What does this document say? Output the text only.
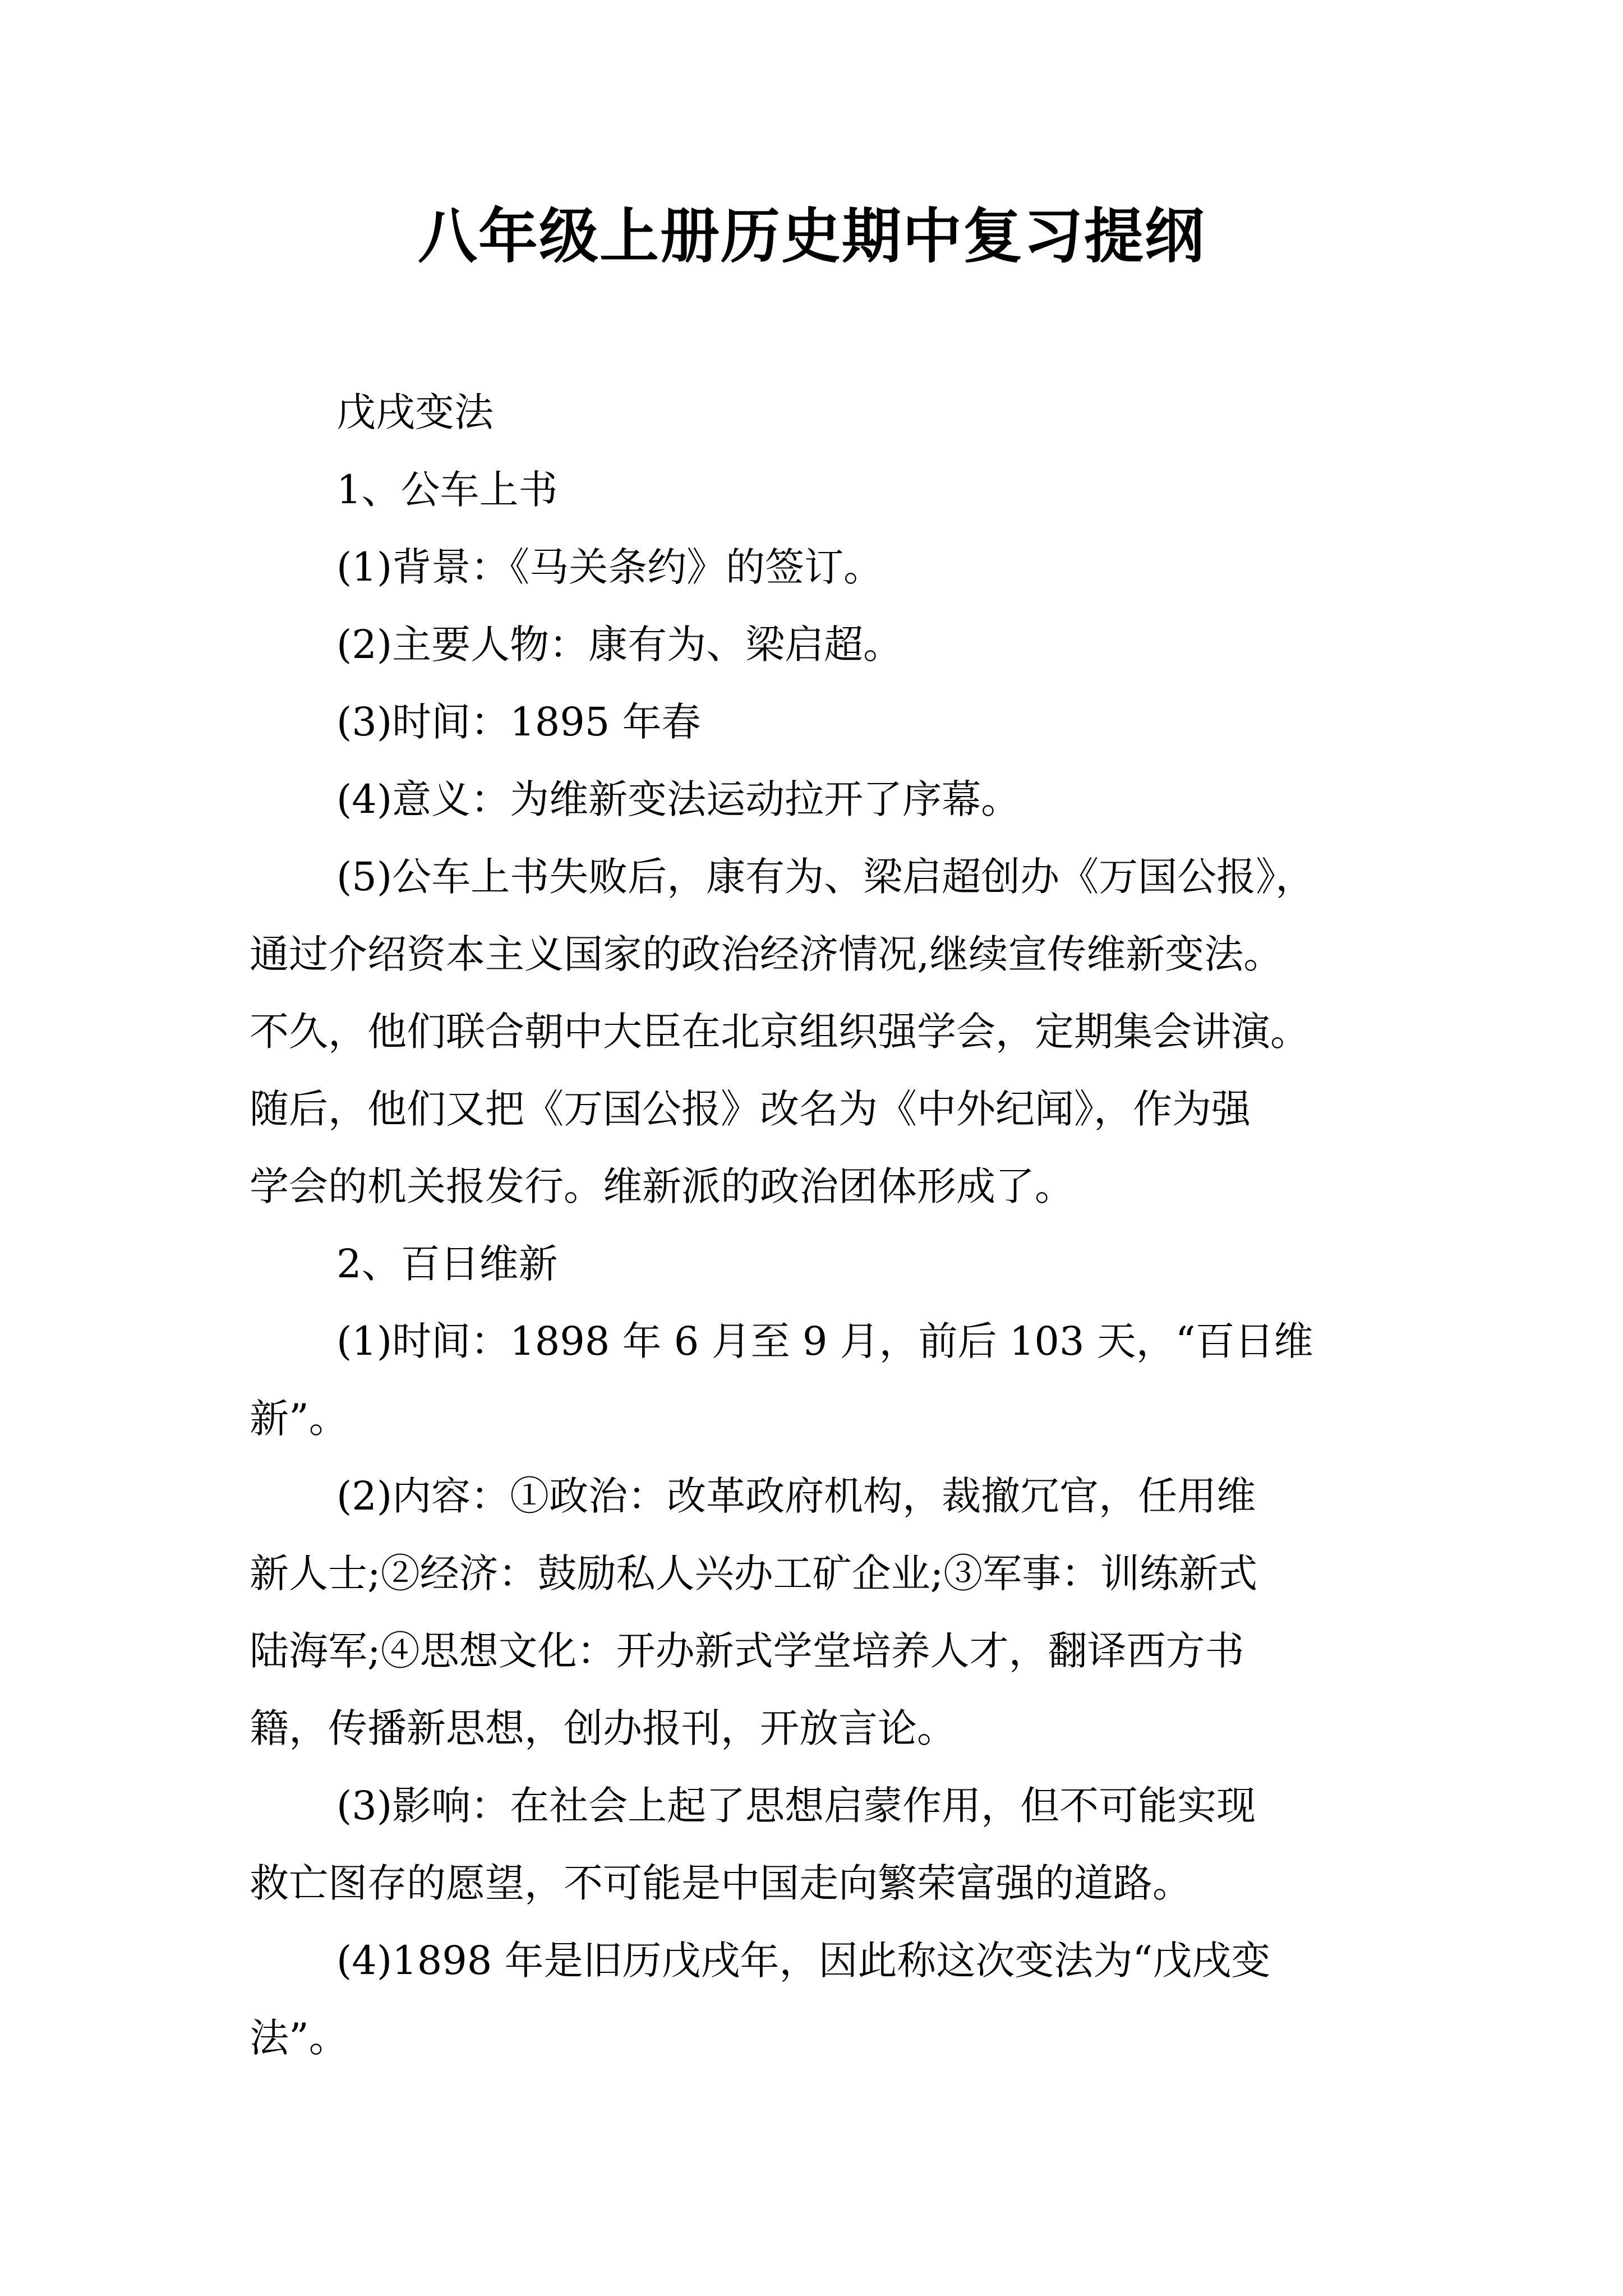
八年级上册历史期中复习提纲
戊戌变法
1、公车上书
(1)背景：《马关条约》的签订。
(2)主要人物：康有为、梁启超。
(3)时间：1895 年春
(4)意义：为维新变法运动拉开了序幕。
(5)公车上书失败后，康有为、梁启超创办《万国公报》，
通过介绍资本主义国家的政治经济情况,继续宣传维新变法。
不久，他们联合朝中大臣在北京组织强学会，定期集会讲演。
随后，他们又把《万国公报》改名为《中外纪闻》，作为强
学会的机关报发行。维新派的政治团体形成了。
2、百日维新
(1)时间：1898 年 6 月至 9 月，前后 103 天，“百日维
新”。
(2)内容：①政治：改革政府机构，裁撤冗官，任用维
新人士;②经济：鼓励私人兴办工矿企业;③军事：训练新式
陆海军;④思想文化：开办新式学堂培养人才，翻译西方书
籍，传播新思想，创办报刊，开放言论。
(3)影响：在社会上起了思想启蒙作用，但不可能实现
救亡图存的愿望，不可能是中国走向繁荣富强的道路。
(4)1898 年是旧历戊戌年，因此称这次变法为“戊戌变
法”。
